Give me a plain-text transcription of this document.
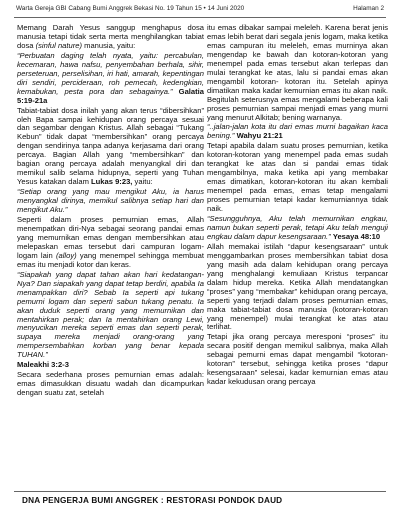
Warta Gereja GBI Cabang Bumi Anggrek Bekasi No. 19 Tahun 15 • 14 Juni 2020	Halaman 2

Memang Darah Yesus sanggup menghapus dosa manusia tetapi tidak serta merta menghilangkan tabiat dosa (sinful nature) manusia, yaitu:

“Perbuatan daging telah nyata, yaitu: percabulan, kecemaran, hawa nafsu, penyembahan berhala, sihir, perseteruan, perselisihan, iri hati, amarah, kepentingan diri sendiri, percideraan, roh pemecah, kedengkian, kemabukan, pesta pora dan sebagainya.” Galatia 5:19-21a

Tabiat-tabiat dosa inilah yang akan terus “dibersihkan” oleh Bapa sampai kehidupan orang percaya sesuai dan segambar dengan Kristus. Allah sebagai “Tukang Kebun” tidak dapat “membersihkan” orang percaya dengan sendirinya tanpa adanya kerjasama dari orang percaya. Bagian Allah yang “membersihkan” dan bagian orang percaya adalah menyangkal diri dan memikul salib selama hidupnya, seperti yang Tuhan Yesus katakan dalam Lukas 9:23, yaitu:

“Setiap orang yang mau mengikut Aku, ia harus menyangkal dirinya, memikul salibnya setiap hari dan mengikut Aku.”

Seperti dalam proses pemurnian emas, Allah menempatkan diri-Nya sebagai seorang pandai emas yang memurnikan emas dengan membersihkan atau melepaskan emas tersebut dari campuran logam-logam lain (alloy) yang menempel sehingga membuat emas itu menjadi kotor dan keras.

“Siapakah yang dapat tahan akan hari kedatangan-Nya? Dan siapakah yang dapat tetap berdiri, apabila Ia menampakkan diri? Sebab Ia seperti api tukang pemurni logam dan seperti sabun tukang penatu. Ia akan duduk seperti orang yang memurnikan dan mentahirkan perak; dan Ia mentahirkan orang Lewi, menyucikan mereka seperti emas dan seperti perak, supaya mereka menjadi orang-orang yang mempersembahkan korban yang benar kepada TUHAN.”

Maleakhi 3:2-3

Secara sederhana proses pemurnian emas adalah: emas dimasukkan disuatu wadah dan dicampurkan dengan suatu zat, setelah

itu emas dibakar sampai meleleh. Karena berat jenis emas lebih berat dari segala jenis logam, maka ketika emas campuran itu meleleh, emas murninya akan mengendap ke bawah dan kotoran-kotoran yang menempel pada emas tersebut akan terlepas dan mulai terangkat ke atas, lalu si pandai emas akan mengambil kotoran- kotoran itu. Setelah apinya dimatikan maka kadar kemurnian emas itu akan naik. Begitulah seterusnya emas mengalami beberapa kali proses pemurnian sampai menjadi emas yang murni yang menurut Alkitab; bening warnanya.

“..jalan-jalan kota itu dari emas murni bagaikan kaca bening.” Wahyu 21:21

Tetapi apabila dalam suatu proses pemurnian, ketika kotoran-kotoran yang menempel pada emas sudah terangkat ke atas dan si pandai emas tidak mengambilnya, maka ketika api yang membakar emas dimatikan, kotoran-kotoran itu akan kembali menempel pada emas, emas tetap mengalami proses pemurnian tetapi kadar kemurniannya tidak naik.

“Sesungguhnya, Aku telah memurnikan engkau, namun bukan seperti perak, tetapi Aku telah menguji engkau dalam dapur kesengsaraan.” Yesaya 48:10

Allah memakai istilah “dapur kesengsaraan” untuk menggambarkan proses membersihkan tabiat dosa yang masih ada dalam kehidupan orang percaya yang menghalangi kemuliaan Kristus terpancar dalam hidup mereka. Ketika Allah mendatangkan “proses” yang “membakar” kehidupan orang percaya, seperti yang terjadi dalam proses pemurnian emas, maka tabiat-tabiat dosa manusia (kotoran-kotoran yang menempel) mulai terangkat ke atas atau terlihat.

Tetapi jika orang percaya meresponi “proses” itu secara positif dengan memikul salibnya, maka Allah sebagai pemurni emas dapat mengambil “kotoran-kotoran” tersebut, sehingga ketika proses “dapur kesengsaraan” selesai, kadar kemurnian emas atau kadar kekudusan orang percaya

DNA PENGERJA BUMI ANGGREK : RESTORASI PONDOK DAUD
